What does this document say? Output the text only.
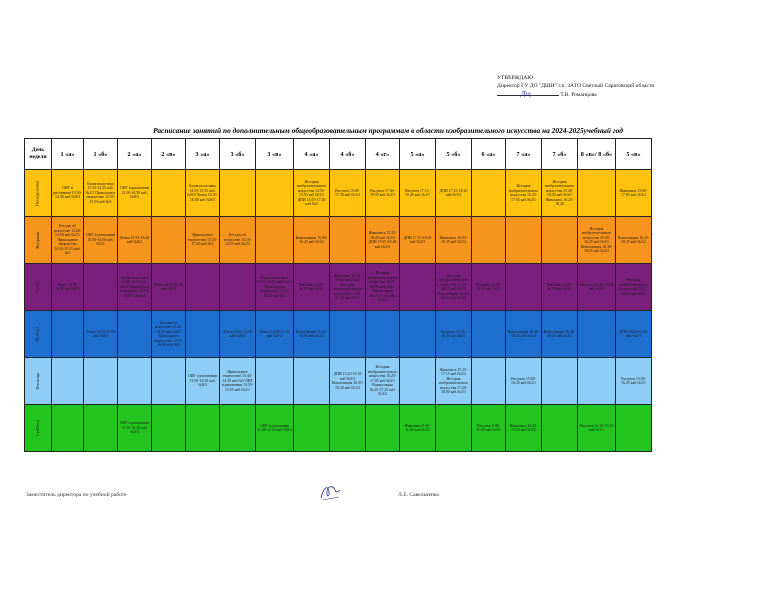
УТВЕРЖДАЮ
Директор ГУ ДО "ДШИ" г.п. ЗАТО Светлый Саратовской области

Дщ	Т.В. Романцова
Расписание занятий по дополнительным общеобразовательным программам в области изобразительного искусства на 2024-2025учебный год
День недели	1 «а»	1 «б»	2 «а»	2 «в»	3 «а»	3 «б»	3 «в»	4 «а»	4 «б»	4 «г»	5 «а»	5 «б»	6 «а»	7 «а»	7 «б»	8 «в»/ 8 «б»	5 «в»
Понедельник	ОИГ в рисовании 13.50-14.50 каб.№8/3	Бумагопластика 13.55-14.55 каб.№2/1 Прикладное творчество 14.55-15.55 каб.№5	ОИГ в рисовании 13.50-14.50 каб.№8/3		Бумагопластика 14.55-15.55 каб.№8/3 Лепка 14.55-16.00 каб.№8/3			История изобразительного искусства 14.55-15.55 каб.№3/1 ДПИ 15.55-17.00 каб.№5	Рисунок 15.40-17.30 каб.№3/2	Рисунок 17.30-18.50 каб.№3/3	Рисунок 17.15-19.20 каб.№3/1	ДПИ 17.15-18.25 каб.№3/3		История изобразительного искусства 16.25-17.05 каб.№3/1	История изобразительного искусства 15.40-16.20 каб.№3/1 Живопись 16.25-18.20		Живопись 15.00-17.05 каб.№3/2

Вторник	Беседы об искусстве 13.20-14.50 каб.№2/1 Прикладное творчество 14.55-15.55 каб.№5	ОИГ в рисовании 13.50-14.50 каб.№3/1	Лепка 14.55-16.20 каб.№8/2		Прикладное творчество 15.55-17.00 каб.№5	Беседы об искусстве 14.10-14.50 каб.№2/1		Композиция 15.00-16.25 каб.№3/2		Живопись 15.25-18.20 каб.№3/2 ДПИ 18.25-19.40 каб.№3/3	ДПИ 17.15-18.25 каб.№3/3	Живопись 16.55-18.25 каб.№3/2				История изобразительного искусства 15.45-16.25 каб.№3/1 Композиция 16.30-18.25 каб.№3/2	Композиция 16.25-18.25 каб.№3/2

Среда	Лепка 14.55-16.00 каб.№8/3		Бумагопластика 13.55-14.55 каб.№2/1 Прикладное творчество 14.55-16.00 каб.№5	Лепка 14.55-16.00 каб.№8/3			Бумагопластика 13.55-14.55 каб.№2/1 Прикладное творчество 14.55-16.00 каб.№5	Рисунок 15.00-16.25 каб.№3/1	Живопись 15.50-16.55 каб.№3/2 История изобразительного искусства 17.00-17.40 каб.№3/1	История изобразительного искусства 15.25-16.25 каб.№3/1 Композиция 16.25-17.45 каб.№3/2		История изобразительного искусства 15.45-16.25 каб.№3/1 Композиция 16.30-18.25 каб.№3/2	Рисунок 16.30-18.55 каб.№3/1		Рисунок 15.00-16.35 каб.№3/1	Рисунок 16.30-19.00 каб.№3/1	История изобразительного искусства 15.15-16.25 каб.№3/1

Четверг		Лепка 14.55-16.00 каб.№8/3		Беседы об искусстве 13.20-14.50 каб.№2/1 Прикладное творчество 14.55-16.00 каб.№5		Лепка 14.55-16.00 каб.№8/3	Лепка 14.20-15.25 каб.№8/3	Композиция 15.25-16.50 каб.№3/2				Рисунок 15.35-16.45 каб.№3/1		Композиция 16.30-18.25 каб.№3/2	Композиция 16.30-18.25 каб.№3/2		ДПИ 15.00-16.25 каб.№3/3

Пятница					ОИГ в рисовании 13.50-14.50 каб.№8/3	Прикладное творчество 13.45-14.50 каб.№5 ОИГ в рисовании 14.55-15.55 каб.№2/1			ДПИ 15.25-16.55 каб.№3/3 Композиция 16.55-18.20 каб.№3/2	История изобразительного искусства 16.25-17.05 каб.№3/1 Композиция 16.25-17.25 каб.№3/2		Живопись 15.15-17.15 каб.№3/2 История изобразительного искусства 17.20-18.00 каб.№3/1		Рисунок 15.00-16.25 каб.№3/1			Рисунок 15.00-16.25 каб.№3/1

Суббота			ОИГ в рисовании 11.10-12.10 каб.№8/3				ОИГ в рисовании 11.00-12.20 каб.№8/3				Живопись 9.30-11.05 каб.№3/2		Рисунок 9.00-11.05 каб.№3/1	Живопись 12.45-15.25 каб.№3/2		Рисунок 12.10-13.55 каб.№3/1	

Заместитель директора по учебной работе	Л.Е. Савельченко
